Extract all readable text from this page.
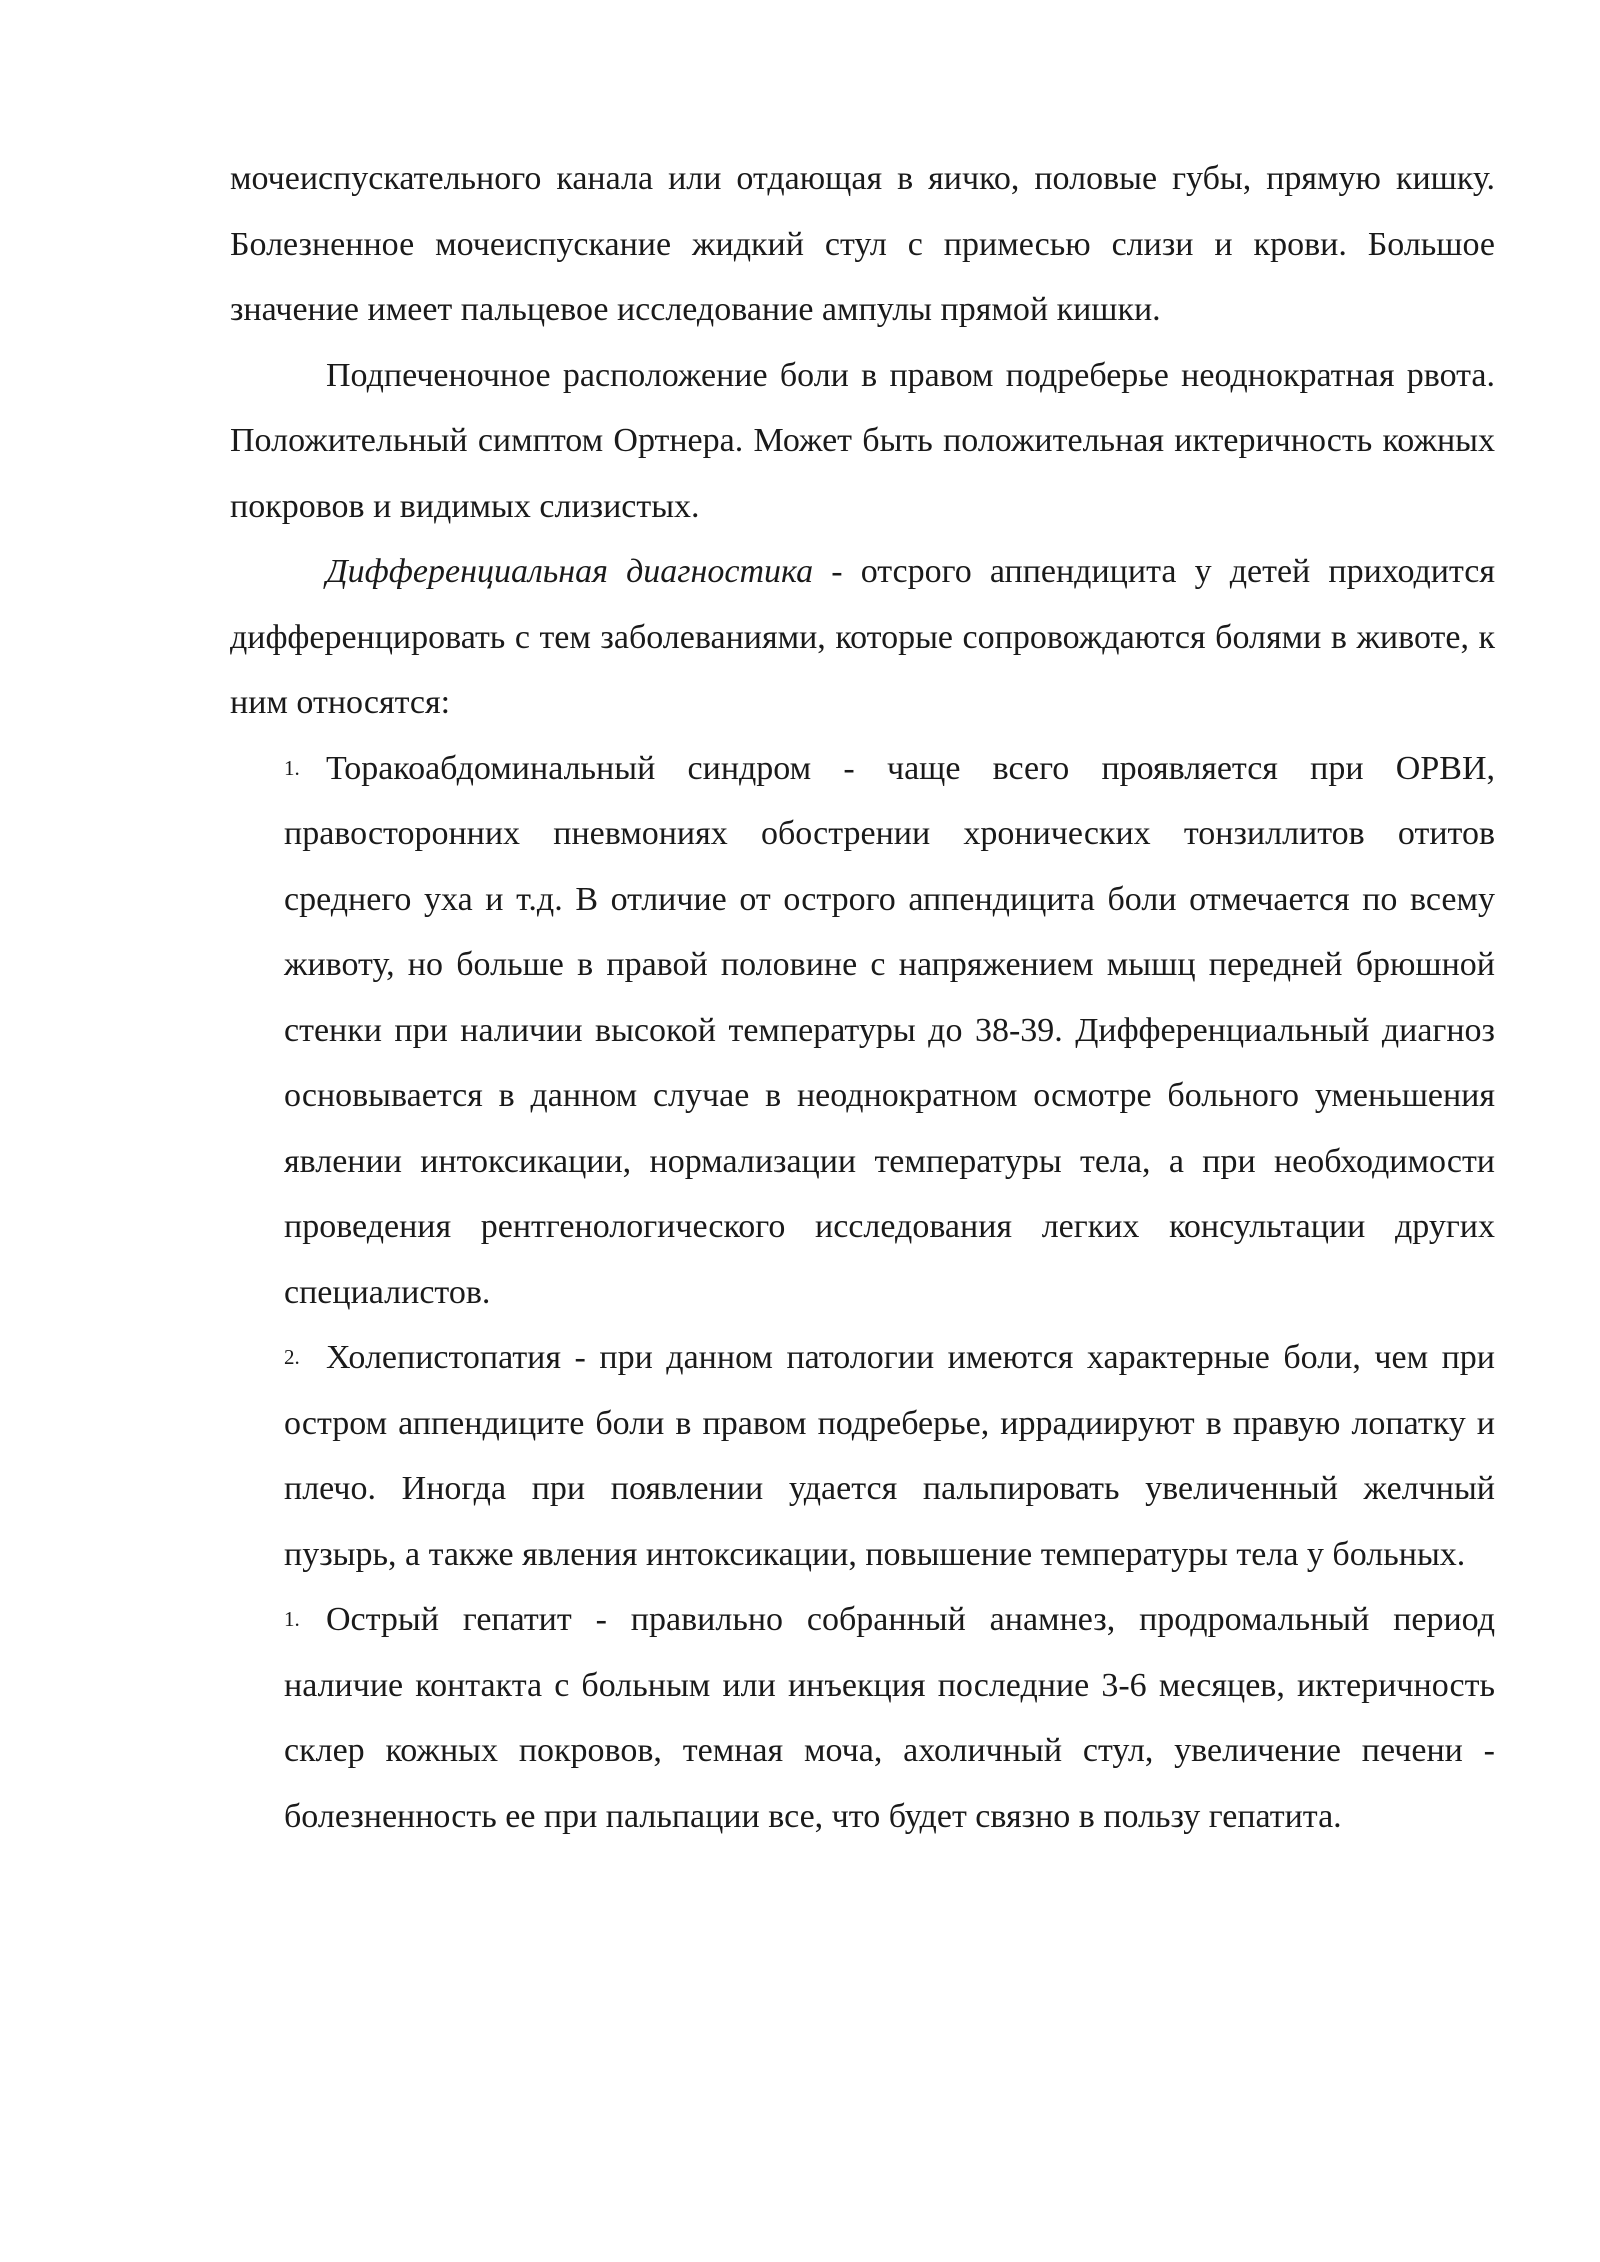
мочеиспускательного канала или отдающая в яичко, половые губы, прямую кишку. Болезненное мочеиспускание жидкий стул с примесью слизи и крови. Большое значение имеет пальцевое исследование ампулы прямой кишки.

Подпеченочное расположение боли в правом подреберье неоднократная рвота. Положительный симптом Ортнера. Может быть положительная иктеричность кожных покровов и видимых слизистых.

Дифференциальная диагностика - отсрого аппендицита у детей приходится дифференцировать с тем заболеваниями, которые сопровождаются болями в животе, к ним относятся:

1. Торакоабдоминальный синдром - чаще всего проявляется при ОРВИ, правосторонних пневмониях обострении хронических тонзиллитов отитов среднего уха и т.д. В отличие от острого аппендицита боли отмечается по всему животу, но больше в правой половине с напряжением мышц передней брюшной стенки при наличии высокой температуры до 38-39. Дифференциальный диагноз основывается в данном случае в неоднократном осмотре больного уменьшения явлении интоксикации, нормализации температуры тела, а при необходимости проведения рентгенологического исследования легких консультации других специалистов.
2. Холепистопатия - при данном патологии имеются характерные боли, чем при остром аппендиците боли в правом подреберье, иррадиируют в правую лопатку и плечо. Иногда при появлении удается пальпировать увеличенный желчный пузырь, а также явления интоксикации, повышение температуры тела у больных.
1. Острый гепатит - правильно собранный анамнез, продромальный период наличие контакта с больным или инъекция последние 3-6 месяцев, иктеричность склер кожных покровов, темная моча, ахоличный стул, увеличение печени - болезненность ее при пальпации все, что будет связно в пользу гепатита.
